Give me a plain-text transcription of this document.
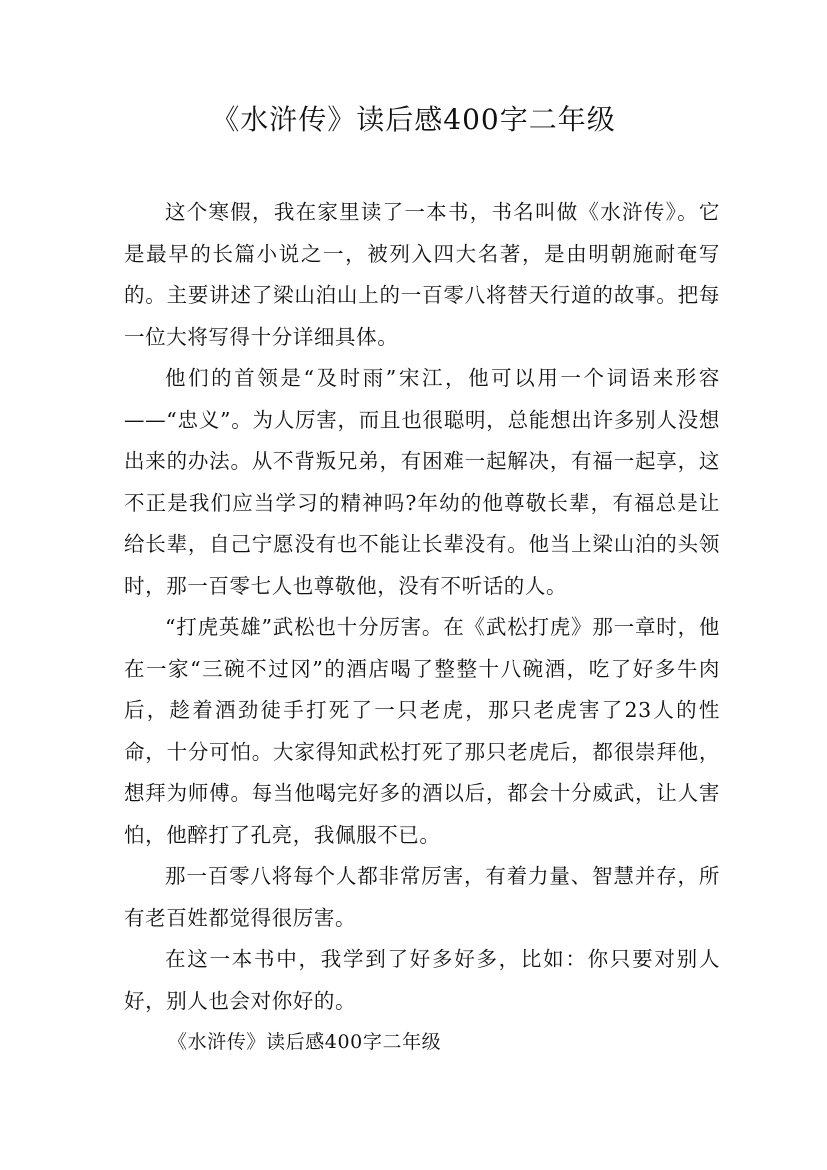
《水浒传》读后感400字二年级

这个寒假，我在家里读了一本书，书名叫做《水浒传》。它是最早的长篇小说之一，被列入四大名著，是由明朝施耐奄写的。主要讲述了梁山泊山上的一百零八将替天行道的故事。把每一位大将写得十分详细具体。

他们的首领是“及时雨”宋江，他可以用一个词语来形容——“忠义”。为人厉害，而且也很聪明，总能想出许多别人没想出来的办法。从不背叛兄弟，有困难一起解决，有福一起享，这不正是我们应当学习的精神吗?年幼的他尊敬长辈，有福总是让给长辈，自己宁愿没有也不能让长辈没有。他当上梁山泊的头领时，那一百零七人也尊敬他，没有不听话的人。

“打虎英雄”武松也十分厉害。在《武松打虎》那一章时，他在一家“三碗不过冈”的酒店喝了整整十八碗酒，吃了好多牛肉后，趁着酒劲徒手打死了一只老虎，那只老虎害了23人的性命，十分可怕。大家得知武松打死了那只老虎后，都很崇拜他，想拜为师傅。每当他喝完好多的酒以后，都会十分威武，让人害怕，他醉打了孔亮，我佩服不已。

那一百零八将每个人都非常厉害，有着力量、智慧并存，所有老百姓都觉得很厉害。

在这一本书中，我学到了好多好多，比如：你只要对别人好，别人也会对你好的。

《水浒传》读后感400字二年级
